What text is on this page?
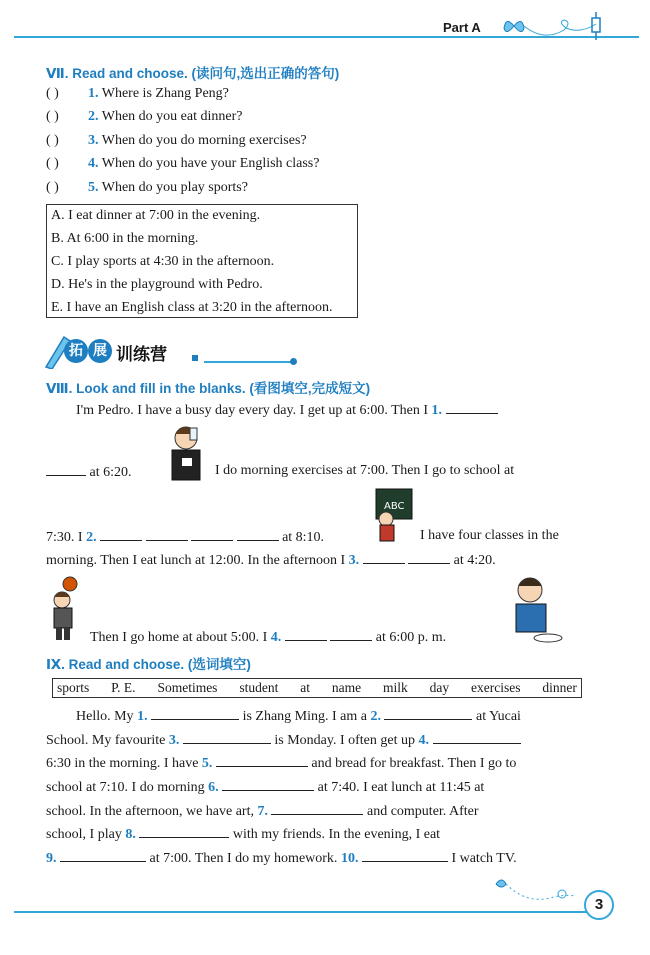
Part A
Ⅶ. Read and choose. (读问句,选出正确的答句)
( ) 1. Where is Zhang Peng?
( ) 2. When do you eat dinner?
( ) 3. When do you do morning exercises?
( ) 4. When do you have your English class?
( ) 5. When do you play sports?
A. I eat dinner at 7:00 in the evening.
B. At 6:00 in the morning.
C. I play sports at 4:30 in the afternoon.
D. He's in the playground with Pedro.
E. I have an English class at 3:20 in the afternoon.
拓 展 训练营
Ⅷ. Look and fill in the blanks. (看图填空,完成短文)
I'm Pedro. I have a busy day every day. I get up at 6:00. Then I 1.
at 6:20.	I do morning exercises at 7:00. Then I go to school at
7:30. I 2.	at 8:10.	I have four classes in the
ABC
morning. Then I eat lunch at 12:00. In the afternoon I 3.	at 4:20.
Then I go home at about 5:00. I 4.	at 6:00 p. m.
Ⅸ. Read and choose. (选词填空)
sports P. E. Sometimes student at name milk day exercises dinner
Hello. My 1.	is Zhang Ming. I am a 2.	at Yucai
School. My favourite 3.	is Monday. I often get up 4.
6:30 in the morning. I have 5.	and bread for breakfast. Then I go to
school at 7:10. I do morning 6.	at 7:40. I eat lunch at 11:45 at
school. In the afternoon, we have art, 7.	and computer. After
school, I play 8.	with my friends. In the evening, I eat
9.	at 7:00. Then I do my homework. 10.	I watch TV.
3
